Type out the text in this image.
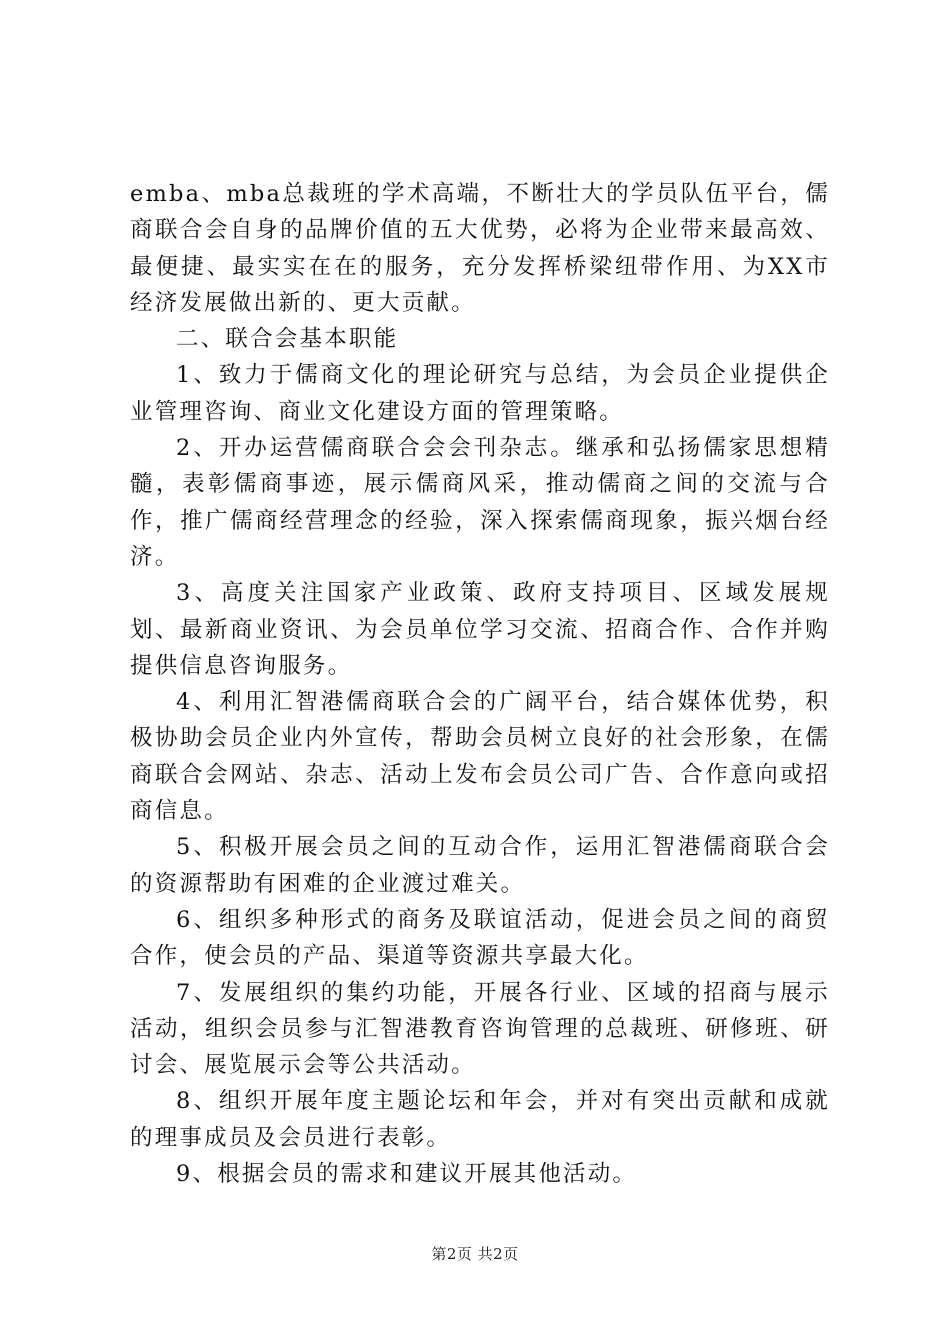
emba、mba总裁班的学术高端，不断壮大的学员队伍平台，儒商联合会自身的品牌价值的五大优势，必将为企业带来最高效、最便捷、最实实在在的服务，充分发挥桥梁纽带作用、为XX市经济发展做出新的、更大贡献。

二、联合会基本职能

1、致力于儒商文化的理论研究与总结，为会员企业提供企业管理咨询、商业文化建设方面的管理策略。

2、开办运营儒商联合会会刊杂志。继承和弘扬儒家思想精髓，表彰儒商事迹，展示儒商风采，推动儒商之间的交流与合作，推广儒商经营理念的经验，深入探索儒商现象，振兴烟台经济。

3、高度关注国家产业政策、政府支持项目、区域发展规划、最新商业资讯、为会员单位学习交流、招商合作、合作并购提供信息咨询服务。

4、利用汇智港儒商联合会的广阔平台，结合媒体优势，积极协助会员企业内外宣传，帮助会员树立良好的社会形象，在儒商联合会网站、杂志、活动上发布会员公司广告、合作意向或招商信息。

5、积极开展会员之间的互动合作，运用汇智港儒商联合会的资源帮助有困难的企业渡过难关。

6、组织多种形式的商务及联谊活动，促进会员之间的商贸合作，使会员的产品、渠道等资源共享最大化。

7、发展组织的集约功能，开展各行业、区域的招商与展示活动，组织会员参与汇智港教育咨询管理的总裁班、研修班、研讨会、展览展示会等公共活动。

8、组织开展年度主题论坛和年会，并对有突出贡献和成就的理事成员及会员进行表彰。

9、根据会员的需求和建议开展其他活动。

第2页 共2页
